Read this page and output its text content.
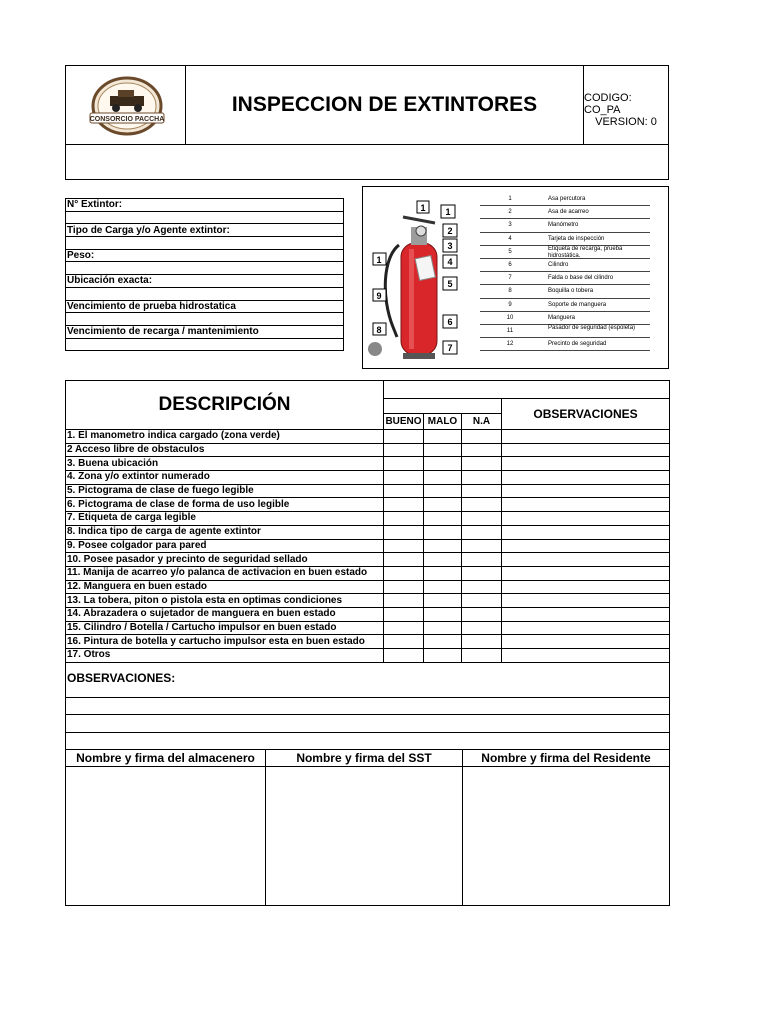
CONSORCIO PACCHA
INSPECCION DE EXTINTORES	CODIGO: CO_PA
VERSION: 0
N° Extintor:

Tipo de Carga y/o Agente extintor:

Peso:

Ubicación exacta:

Vencimiento de prueba hidrostatica

Vencimiento de recarga / mantenimiento

1 1
2
3
4
5
6
7
1
9
8
1	Asa percutora
2	Asa de acarreo
3	Manómetro
4	Tarjeta de inspección
5	Etiqueta de recarga, prueba hidrostática.
6	Cilindro
7	Falda o base del cilindro
8	Boquilla o tobera
9	Soporte de manguera
10	Manguera
11	Pasador de seguridad (espoleta)
12	Precinto de seguridad
DESCRIPCIÓN				
				OBSERVACIONES
	BUENO	MALO	N.A	
1. El manometro indica cargado (zona verde)				
2 Acceso libre de obstaculos				
3. Buena ubicación				
4. Zona y/o extintor numerado				
5. Pictograma de clase de fuego legible				
6. Pictograma de clase de forma de uso legible				
7. Etiqueta de carga legible				
8. Indica tipo de carga de agente extintor				
9. Posee colgador para pared				
10. Posee pasador y precinto de seguridad sellado				
11. Manija de acarreo y/o palanca de activacion en buen estado				
12. Manguera en buen estado				
13. La tobera, piton o pistola esta en optimas condiciones				
14. Abrazadera o sujetador de manguera en buen estado				
15. Cilindro / Botella / Cartucho impulsor en buen estado				
16. Pintura de botella y cartucho impulsor esta en buen estado				
17. Otros				
OBSERVACIONES:				

Nombre y firma del almacenero	Nombre y firma del SST	Nombre y firma del Residente
